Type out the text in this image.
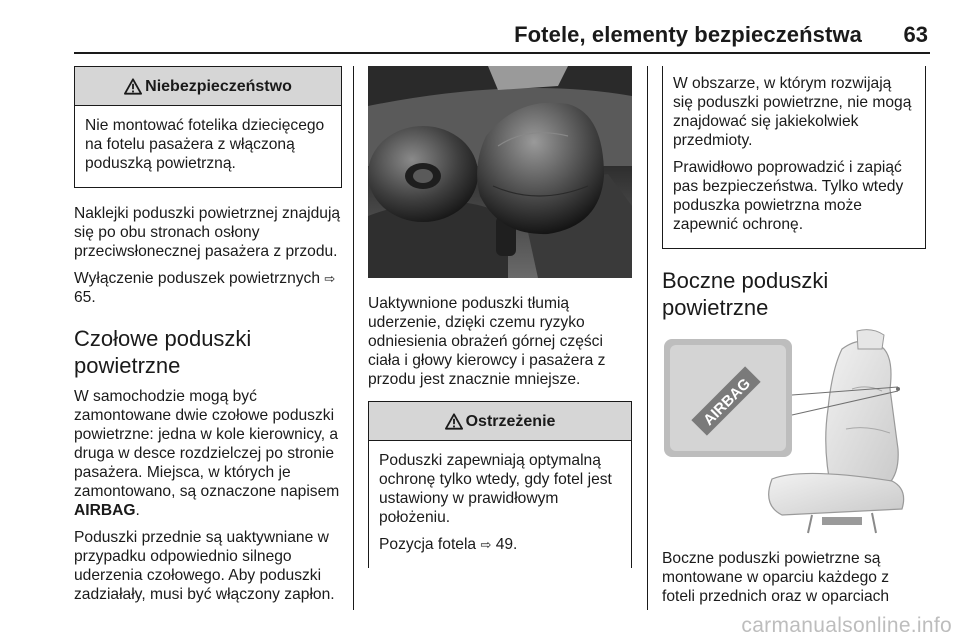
Fotele, elementy bezpieczeństwa 63
Niebezpieczeństwo

Nie montować fotelika dziecięcego na fotelu pasażera z włączoną poduszką powietrzną.

Naklejki poduszki powietrznej znajdują się po obu stronach osłony przeciwsłonecznej pasażera z przodu.

Wyłączenie poduszek powietrznych ⇨ 65.

Czołowe poduszki powietrzne

W samochodzie mogą być zamontowane dwie czołowe poduszki powietrzne: jedna w kole kierownicy, a druga w desce rozdzielczej po stronie pasażera. Miejsca, w których je zamontowano, są oznaczone napisem AIRBAG.

Poduszki przednie są uaktywniane w przypadku odpowiednio silnego uderzenia czołowego. Aby poduszki zadziałały, musi być włączony zapłon.

Uaktywnione poduszki tłumią uderzenie, dzięki czemu ryzyko odniesienia obrażeń górnej części ciała i głowy kierowcy i pasażera z przodu jest znacznie mniejsze.

Ostrzeżenie

Poduszki zapewniają optymalną ochronę tylko wtedy, gdy fotel jest ustawiony w prawidłowym położeniu.

Pozycja fotela ⇨ 49.

W obszarze, w którym rozwijają się poduszki powietrzne, nie mogą znajdować się jakiekolwiek przedmioty.

Prawidłowo poprowadzić i zapiąć pas bezpieczeństwa. Tylko wtedy poduszka powietrzna może zapewnić ochronę.

Boczne poduszki powietrzne
AIRBAG

Boczne poduszki powietrzne są montowane w oparciu każdego z foteli przednich oraz w oparciach

carmanualsonline.info
